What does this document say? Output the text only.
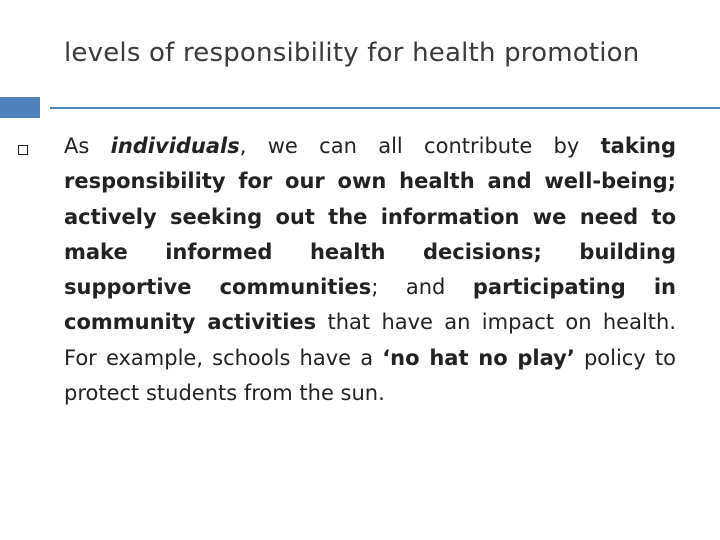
levels of responsibility for health promotion
As individuals, we can all contribute by taking responsibility for our own health and well-being; actively seeking out the information we need to make informed health decisions; building supportive communities; and participating in community activities that have an impact on health. For example, schools have a ‘no hat no play’ policy to protect students from the sun.
